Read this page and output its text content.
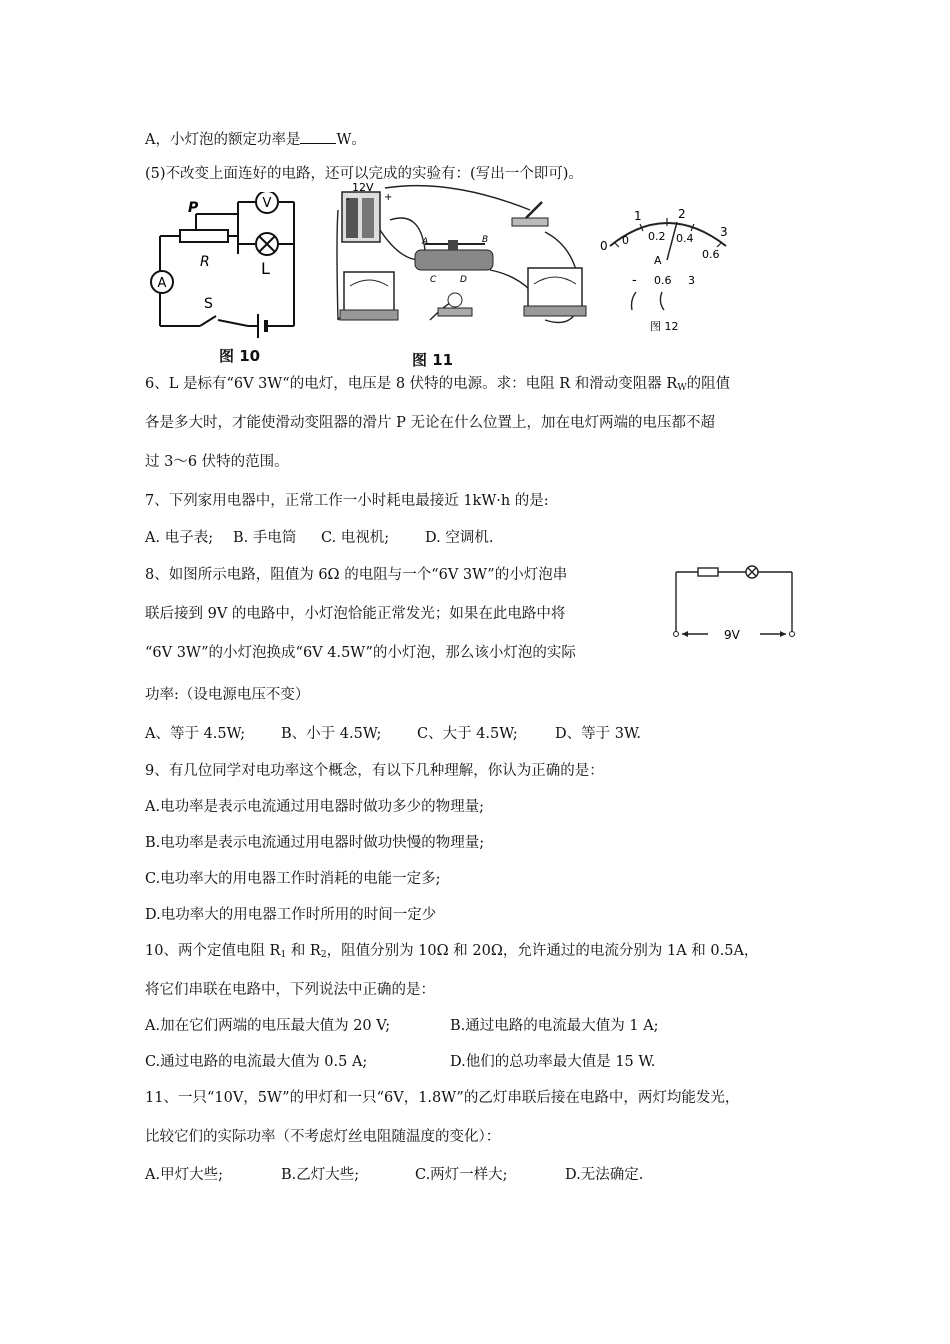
A，小灯泡的额定功率是 W。
(5)不改变上面连好的电路，还可以完成的实验有：(写出一个即可)。
V
A
P
R	L
S
图 10
12V
-	+
A	B
C	D
图 11
0
1	2
3
0 0.2 0.4
0.6
A
- 0.6 3
图 12
6、L 是标有“6V 3W“的电灯，电压是 8 伏特的电源。求：电阻 R 和滑动变阻器 $R_W$的阻值
各是多大时，才能使滑动变阻器的滑片 P 无论在什么位置上，加在电灯两端的电压都不超
过 3～6 伏特的范围。
7、下列家用电器中，正常工作一小时耗电最接近 1kW·h 的是:
A. 电子表; B. 手电筒 C. 电视机; D. 空调机.
8、如图所示电路，阻值为 6Ω 的电阻与一个“6V 3W”的小灯泡串
联后接到 9V 的电路中，小灯泡恰能正常发光；如果在此电路中将
“6V 3W”的小灯泡换成“6V 4.5W”的小灯泡，那么该小灯泡的实际
功率:（设电源电压不变）
A、等于 4.5W; B、小于 4.5W; C、大于 4.5W;	D、等于 3W.
9V
9、有几位同学对电功率这个概念，有以下几种理解，你认为正确的是：
A.电功率是表示电流通过用电器时做功多少的物理量;
B.电功率是表示电流通过用电器时做功快慢的物理量;
C.电功率大的用电器工作时消耗的电能一定多;
D.电功率大的用电器工作时所用的时间一定少
10、两个定值电阻 $R_1$ 和 $R_2$，阻值分别为 10Ω 和 20Ω，允许通过的电流分别为 1A 和 0.5A，
将它们串联在电路中，下列说法中正确的是：
A.加在它们两端的电压最大值为 20 V;	B.通过电路的电流最大值为 1 A;
C.通过电路的电流最大值为 0.5 A;	D.他们的总功率最大值是 15 W.
11、一只“10V，5W”的甲灯和一只“6V，1.8W”的乙灯串联后接在电路中，两灯均能发光，
比较它们的实际功率（不考虑灯丝电阻随温度的变化）：
A.甲灯大些;	B.乙灯大些;	C.两灯一样大;	D.无法确定.
